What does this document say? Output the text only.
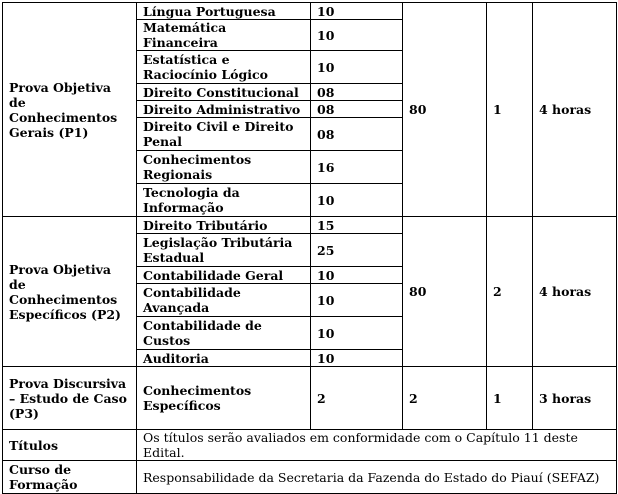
Prova Objetiva de Conhecimentos Gerais (P1)	Língua Portuguesa	10	80	1	4 horas
	Matemática Financeira	10			
	Estatística e Raciocínio Lógico	10			
	Direito Constitucional	08			
	Direito Administrativo	08			
	Direito Civil e Direito Penal	08			
	Conhecimentos Regionais	16			
	Tecnologia da Informação	10			
Prova Objetiva de Conhecimentos Específicos (P2)	Direito Tributário	15	80	2	4 horas
	Legislação Tributária Estadual	25			
	Contabilidade Geral	10			
	Contabilidade Avançada	10			
	Contabilidade de Custos	10			
	Auditoria	10			
Prova Discursiva – Estudo de Caso (P3)	Conhecimentos Específicos	2	2	1	3 horas
Títulos	Os títulos serão avaliados em conformidade com o Capítulo 11 deste Edital.				
Curso de Formação	Responsabilidade da Secretaria da Fazenda do Estado do Piauí (SEFAZ)				
